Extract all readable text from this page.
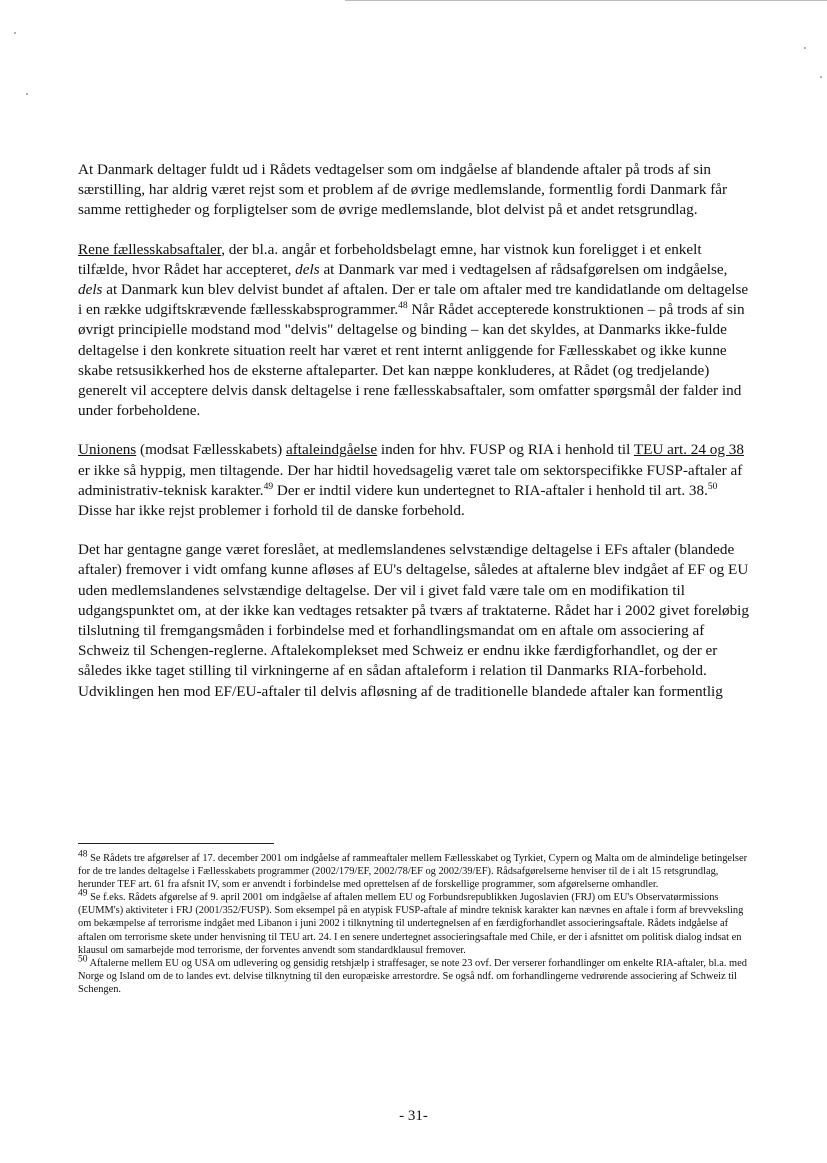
At Danmark deltager fuldt ud i Rådets vedtagelser som om indgåelse af blandende aftaler på trods af sin særstilling, har aldrig været rejst som et problem af de øvrige medlemslande, formentlig fordi Danmark får samme rettigheder og forpligtelser som de øvrige medlemslande, blot delvist på et andet retsgrundlag.

Rene fællesskabsaftaler, der bl.a. angår et forbeholdsbelagt emne, har vistnok kun foreligget i et enkelt tilfælde, hvor Rådet har accepteret, dels at Danmark var med i vedtagelsen af rådsafgørelsen om indgåelse, dels at Danmark kun blev delvist bundet af aftalen. Der er tale om aftaler med tre kandidatlande om deltagelse i en række udgiftskrævende fællesskabsprogrammer.$^{48}$ Når Rådet accepterede konstruktionen – på trods af sin øvrigt principielle modstand mod "delvis" deltagelse og binding – kan det skyldes, at Danmarks ikke-fulde deltagelse i den konkrete situation reelt har været et rent internt anliggende for Fællesskabet og ikke kunne skabe retsusikkerhed hos de eksterne aftaleparter. Det kan næppe konkluderes, at Rådet (og tredjelande) generelt vil acceptere delvis dansk deltagelse i rene fællesskabsaftaler, som omfatter spørgsmål der falder ind under forbeholdene.

Unionens (modsat Fællesskabets) aftaleindgåelse inden for hhv. FUSP og RIA i henhold til TEU art. 24 og 38 er ikke så hyppig, men tiltagende. Der har hidtil hovedsagelig været tale om sektorspecifikke FUSP-aftaler af administrativ-teknisk karakter.$^{49}$ Der er indtil videre kun undertegnet to RIA-aftaler i henhold til art. 38.50 Disse har ikke rejst problemer i forhold til de danske forbehold.

Det har gentagne gange været foreslået, at medlemslandenes selvstændige deltagelse i EFs aftaler (blandede aftaler) fremover i vidt omfang kunne afløses af EU's deltagelse, således at aftalerne blev indgået af EF og EU uden medlemslandenes selvstændige deltagelse. Der vil i givet fald være tale om en modifikation til udgangspunktet om, at der ikke kan vedtages retsakter på tværs af traktaterne. Rådet har i 2002 givet foreløbig tilslutning til fremgangsmåden i forbindelse med et forhandlingsmandat om en aftale om associering af Schweiz til Schengen-reglerne. Aftalekomplekset med Schweiz er endnu ikke færdigforhandlet, og der er således ikke taget stilling til virkningerne af en sådan aftaleform i relation til Danmarks RIA-forbehold. Udviklingen hen mod EF/EU-aftaler til delvis afløsning af de traditionelle blandede aftaler kan formentlig

$^{48}$ Se Rådets tre afgørelser af 17. december 2001 om indgåelse af rammeaftaler mellem Fællesskabet og Tyrkiet, Cypern og Malta om de almindelige betingelser for de tre landes deltagelse i Fællesskabets programmer (2002/179/EF, 2002/78/EF og 2002/39/EF). Rådsafgørelserne henviser til de i alt 15 retsgrundlag, herunder TEF art. 61 fra afsnit IV, som er anvendt i forbindelse med oprettelsen af de forskellige programmer, som afgørelserne omhandler.

$^{49}$ Se f.eks. Rådets afgørelse af 9. april 2001 om indgåelse af aftalen mellem EU og Forbundsrepublikken Jugoslavien (FRJ) om EU's Observatørmissions (EUMM's) aktiviteter i FRJ (2001/352/FUSP). Som eksempel på en atypisk FUSP-aftale af mindre teknisk karakter kan nævnes en aftale i form af brevveksling om bekæmpelse af terrorisme indgået med Libanon i juni 2002 i tilknytning til undertegnelsen af en færdigforhandlet associeringsaftale. Rådets indgåelse af aftalen om terrorisme skete under henvisning til TEU art. 24. I en senere undertegnet associeringsaftale med Chile, er der i afsnittet om politisk dialog indsat en klausul om samarbejde mod terrorisme, der forventes anvendt som standardklausul fremover.

$^{50}$ Aftalerne mellem EU og USA om udlevering og gensidig retshjælp i straffesager, se note 23 ovf. Der verserer forhandlinger om enkelte RIA-aftaler, bl.a. med Norge og Island om de to landes evt. delvise tilknytning til den europæiske arrestordre. Se også ndf. om forhandlingerne vedrørende associering af Schweiz til Schengen.

- 31-
